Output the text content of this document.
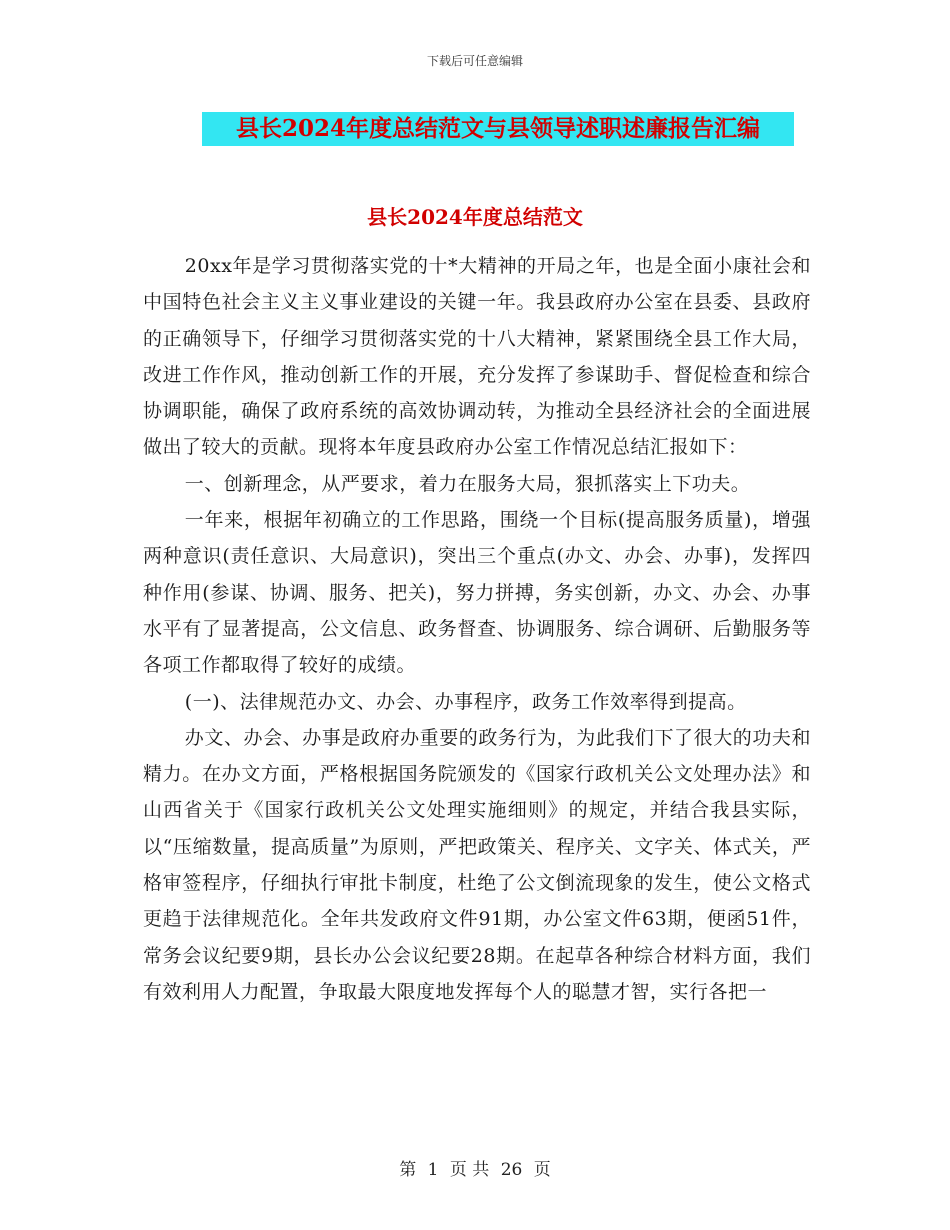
下载后可任意编辑
县长2024年度总结范文与县领导述职述廉报告汇编
县长2024年度总结范文

20xx年是学习贯彻落实党的十*大精神的开局之年，也是全面小康社会和中国特色社会主义主义事业建设的关键一年。我县政府办公室在县委、县政府的正确领导下，仔细学习贯彻落实党的十八大精神，紧紧围绕全县工作大局，改进工作作风，推动创新工作的开展，充分发挥了参谋助手、督促检查和综合协调职能，确保了政府系统的高效协调动转，为推动全县经济社会的全面进展做出了较大的贡献。现将本年度县政府办公室工作情况总结汇报如下：

一、创新理念，从严要求，着力在服务大局，狠抓落实上下功夫。

一年来，根据年初确立的工作思路，围绕一个目标(提高服务质量)，增强两种意识(责任意识、大局意识)，突出三个重点(办文、办会、办事)，发挥四种作用(参谋、协调、服务、把关)，努力拼搏，务实创新，办文、办会、办事水平有了显著提高，公文信息、政务督查、协调服务、综合调研、后勤服务等各项工作都取得了较好的成绩。

(一)、法律规范办文、办会、办事程序，政务工作效率得到提高。

办文、办会、办事是政府办重要的政务行为，为此我们下了很大的功夫和精力。在办文方面，严格根据国务院颁发的《国家行政机关公文处理办法》和山西省关于《国家行政机关公文处理实施细则》的规定，并结合我县实际，以“压缩数量，提高质量”为原则，严把政策关、程序关、文字关、体式关，严格审签程序，仔细执行审批卡制度，杜绝了公文倒流现象的发生，使公文格式更趋于法律规范化。全年共发政府文件91期，办公室文件63期，便函51件，常务会议纪要9期，县长办公会议纪要28期。在起草各种综合材料方面，我们有效利用人力配置，争取最大限度地发挥每个人的聪慧才智，实行各把一

第 1 页 共 26 页
